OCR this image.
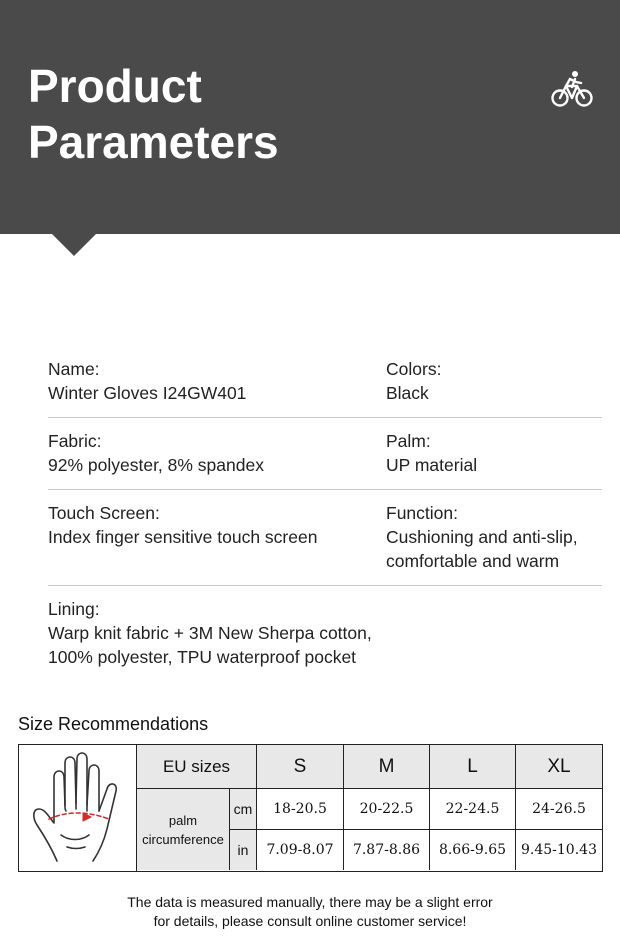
Product
Parameters
Name:
Winter Gloves I24GW401
Colors:
Black
Fabric:
92% polyester, 8% spandex
Palm:
UP material
Touch Screen:
Index finger sensitive touch screen
Function:
Cushioning and anti-slip,
comfortable and warm
Lining:
Warp knit fabric + 3M New Sherpa cotton,
100% polyester, TPU waterproof pocket
Size Recommendations
EU sizes	S	M	L	XL
palm
circumference
cm	18-20.5	20-22.5	22-24.5	24-26.5
in	7.09-8.07	7.87-8.86	8.66-9.65	9.45-10.43
The data is measured manually, there may be a slight error
for details, please consult online customer service!
